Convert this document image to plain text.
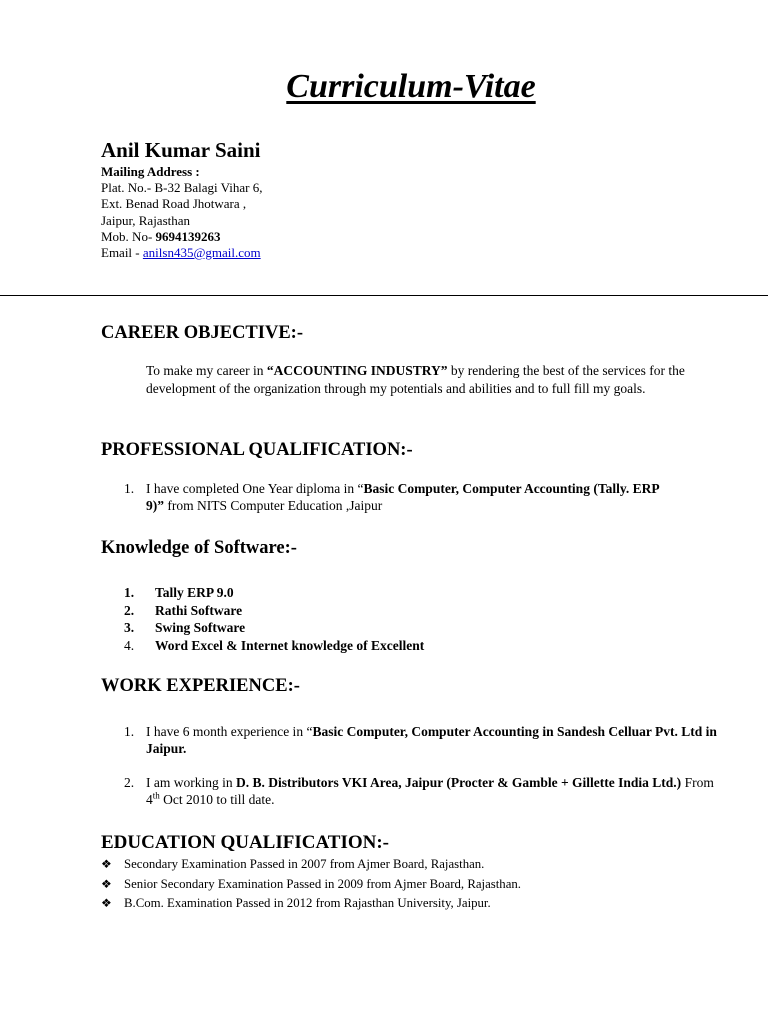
Curriculum-Vitae
Anil Kumar Saini
Mailing Address :
Plat. No.- B-32 Balagi Vihar 6,
Ext. Benad Road Jhotwara ,
Jaipur, Rajasthan
Mob. No- 9694139263
Email - anilsn435@gmail.com
CAREER OBJECTIVE:-
To make my career in “ACCOUNTING INDUSTRY” by rendering the best of the services for the development of the organization through my potentials and abilities and to full fill my goals.
PROFESSIONAL QUALIFICATION:-
1. I have completed One Year diploma in “Basic Computer, Computer Accounting (Tally. ERP 9)” from NITS Computer Education ,Jaipur
Knowledge of Software:-
1.	Tally ERP 9.0
2.	Rathi Software
3.	Swing Software
4.	Word Excel & Internet knowledge of Excellent
WORK EXPERIENCE:-
1. I have 6 month experience in “Basic Computer, Computer Accounting in Sandesh Celluar Pvt. Ltd in Jaipur.
2. I am working in D. B. Distributors VKI Area, Jaipur (Procter & Gamble + Gillette India Ltd.) From 4th Oct 2010 to till date.
EDUCATION QUALIFICATION:-
❖ Secondary Examination Passed in 2007 from Ajmer Board, Rajasthan.
❖ Senior Secondary Examination Passed in 2009 from Ajmer Board, Rajasthan.
❖ B.Com. Examination Passed in 2012 from Rajasthan University, Jaipur.
